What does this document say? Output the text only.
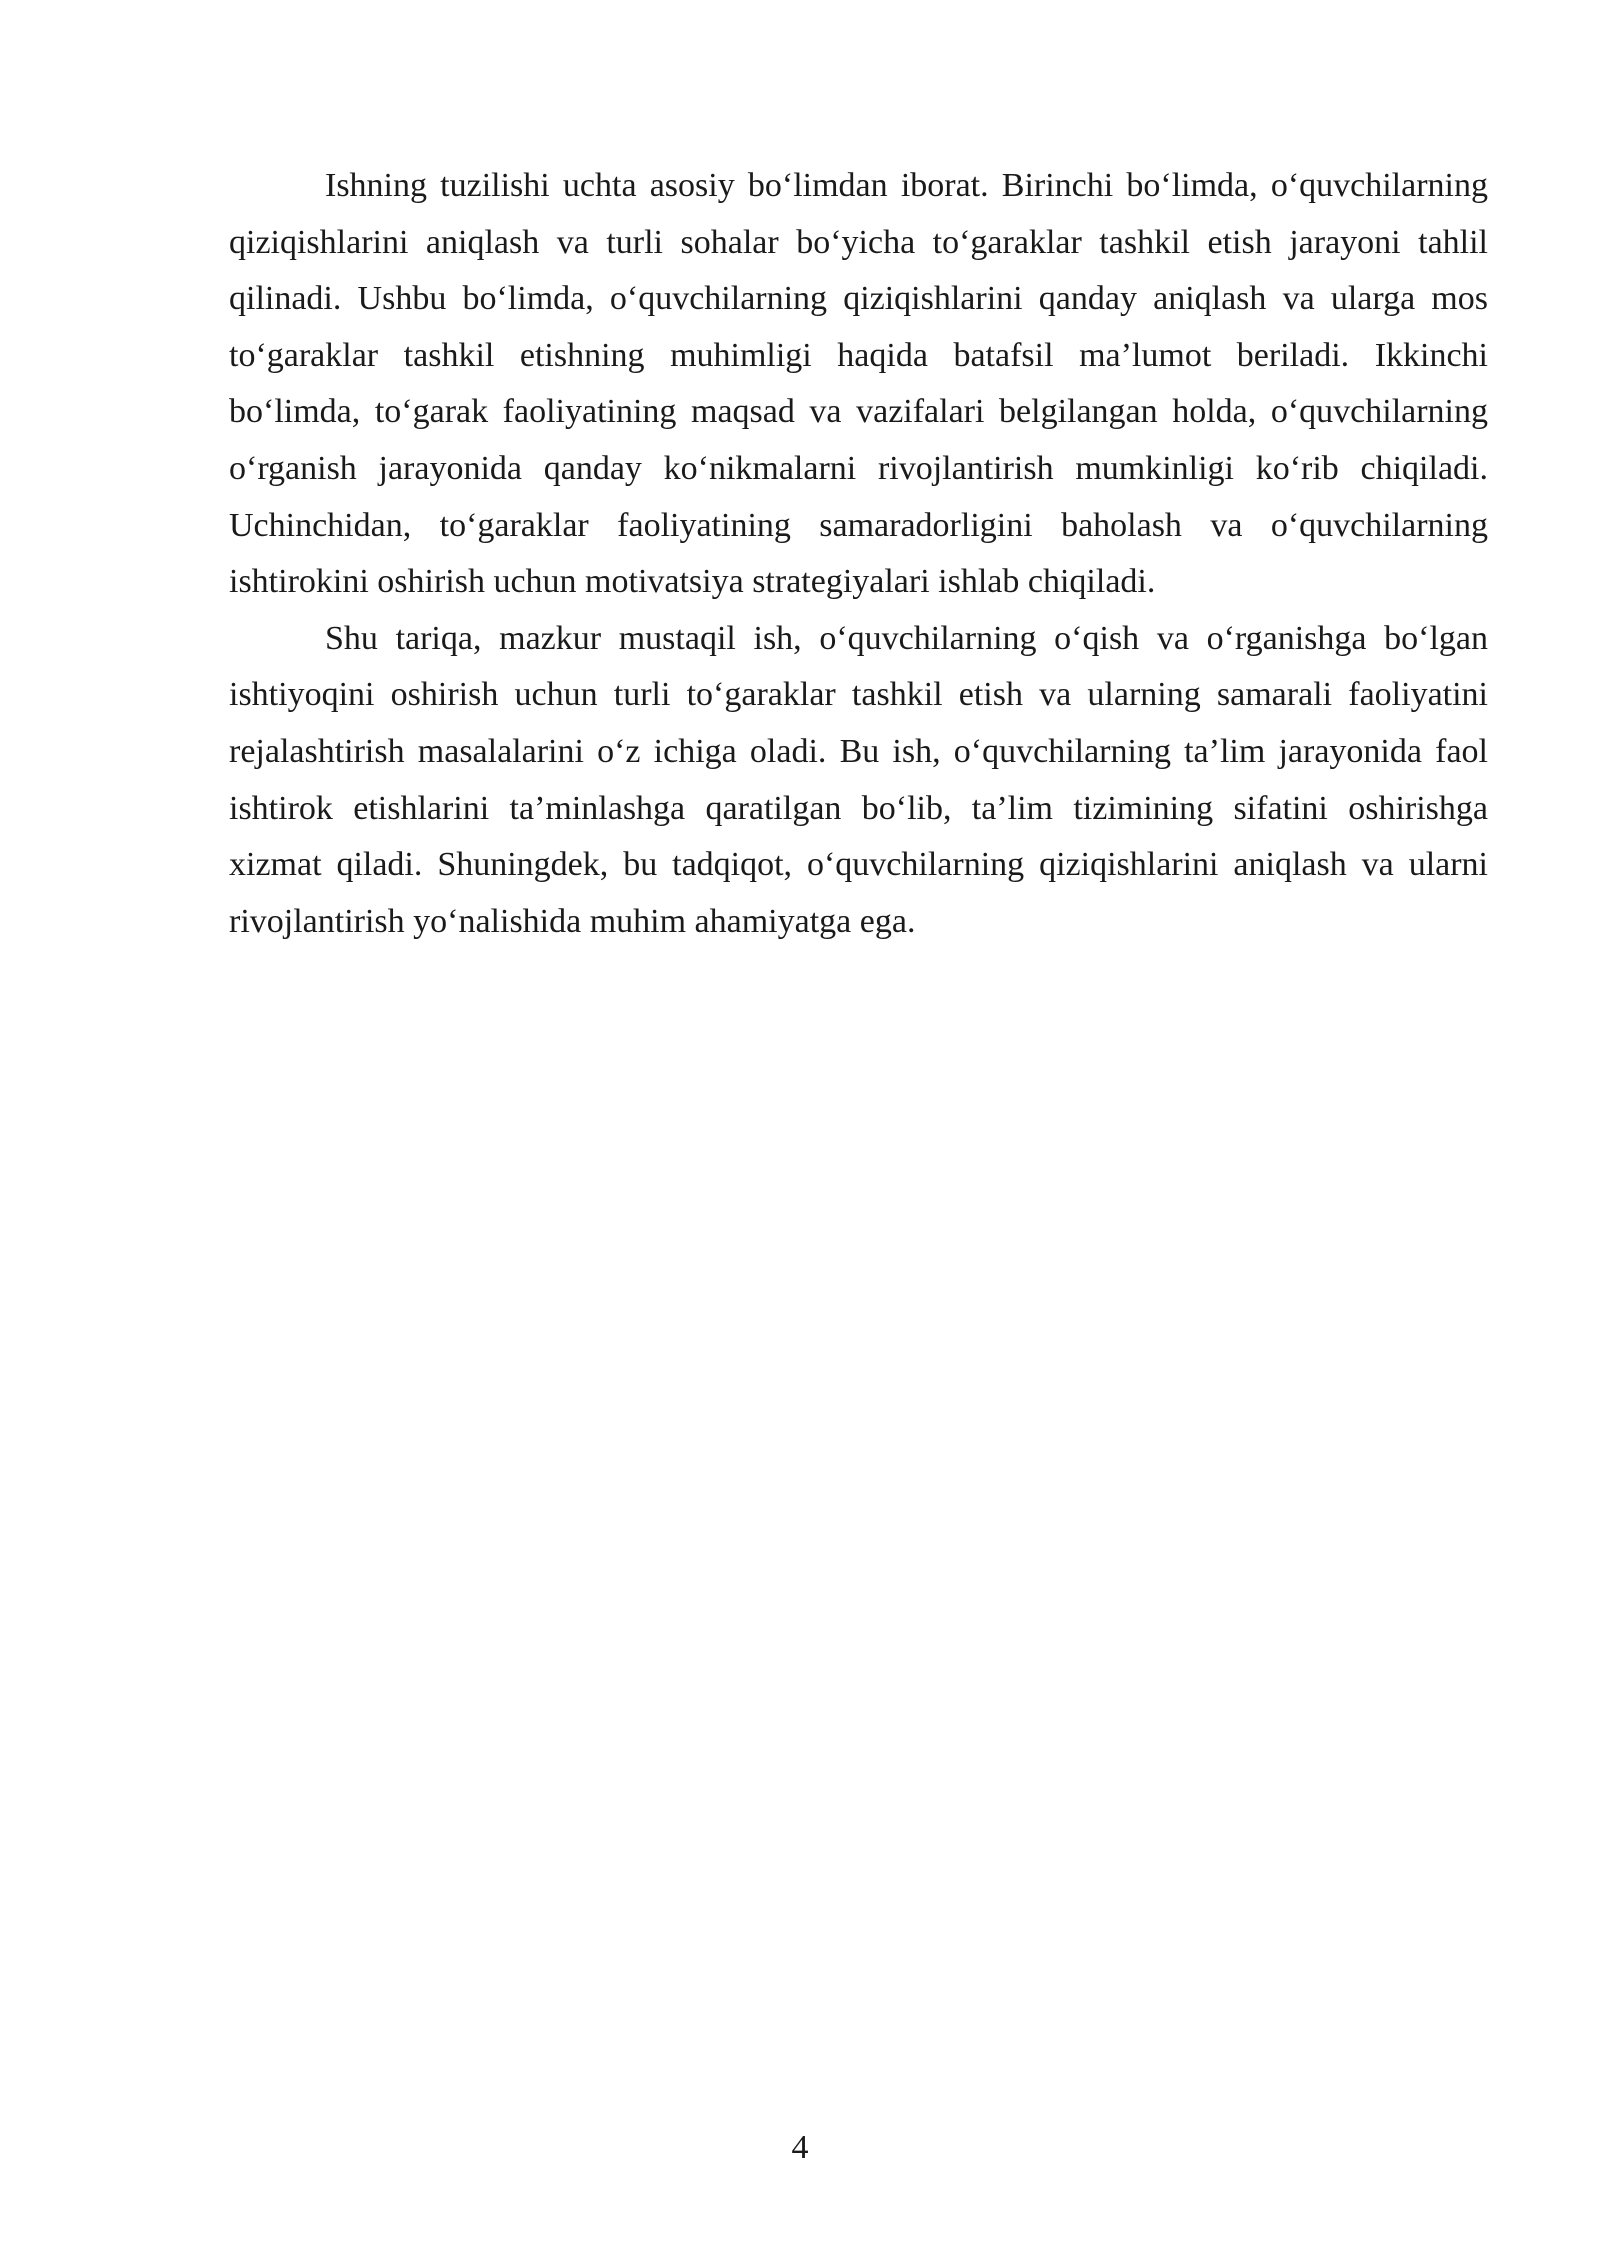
Ishning tuzilishi uchta asosiy bo‘limdan iborat. Birinchi bo‘limda, o‘quvchilarning qiziqishlarini aniqlash va turli sohalar bo‘yicha to‘garaklar tashkil etish jarayoni tahlil qilinadi. Ushbu bo‘limda, o‘quvchilarning qiziqishlarini qanday aniqlash va ularga mos to‘garaklar tashkil etishning muhimligi haqida batafsil ma’lumot beriladi. Ikkinchi bo‘limda, to‘garak faoliyatining maqsad va vazifalari belgilangan holda, o‘quvchilarning o‘rganish jarayonida qanday ko‘nikmalarni rivojlantirish mumkinligi ko‘rib chiqiladi. Uchinchidan, to‘garaklar faoliyatining samaradorligini baholash va o‘quvchilarning ishtirokini oshirish uchun motivatsiya strategiyalari ishlab chiqiladi.

Shu tariqa, mazkur mustaqil ish, o‘quvchilarning o‘qish va o‘rganishga bo‘lgan ishtiyoqini oshirish uchun turli to‘garaklar tashkil etish va ularning samarali faoliyatini rejalashtirish masalalarini o‘z ichiga oladi. Bu ish, o‘quvchilarning ta’lim jarayonida faol ishtirok etishlarini ta’minlashga qaratilgan bo‘lib, ta’lim tizimining sifatini oshirishga xizmat qiladi. Shuningdek, bu tadqiqot, o‘quvchilarning qiziqishlarini aniqlash va ularni rivojlantirish yo‘nalishida muhim ahamiyatga ega.

4
